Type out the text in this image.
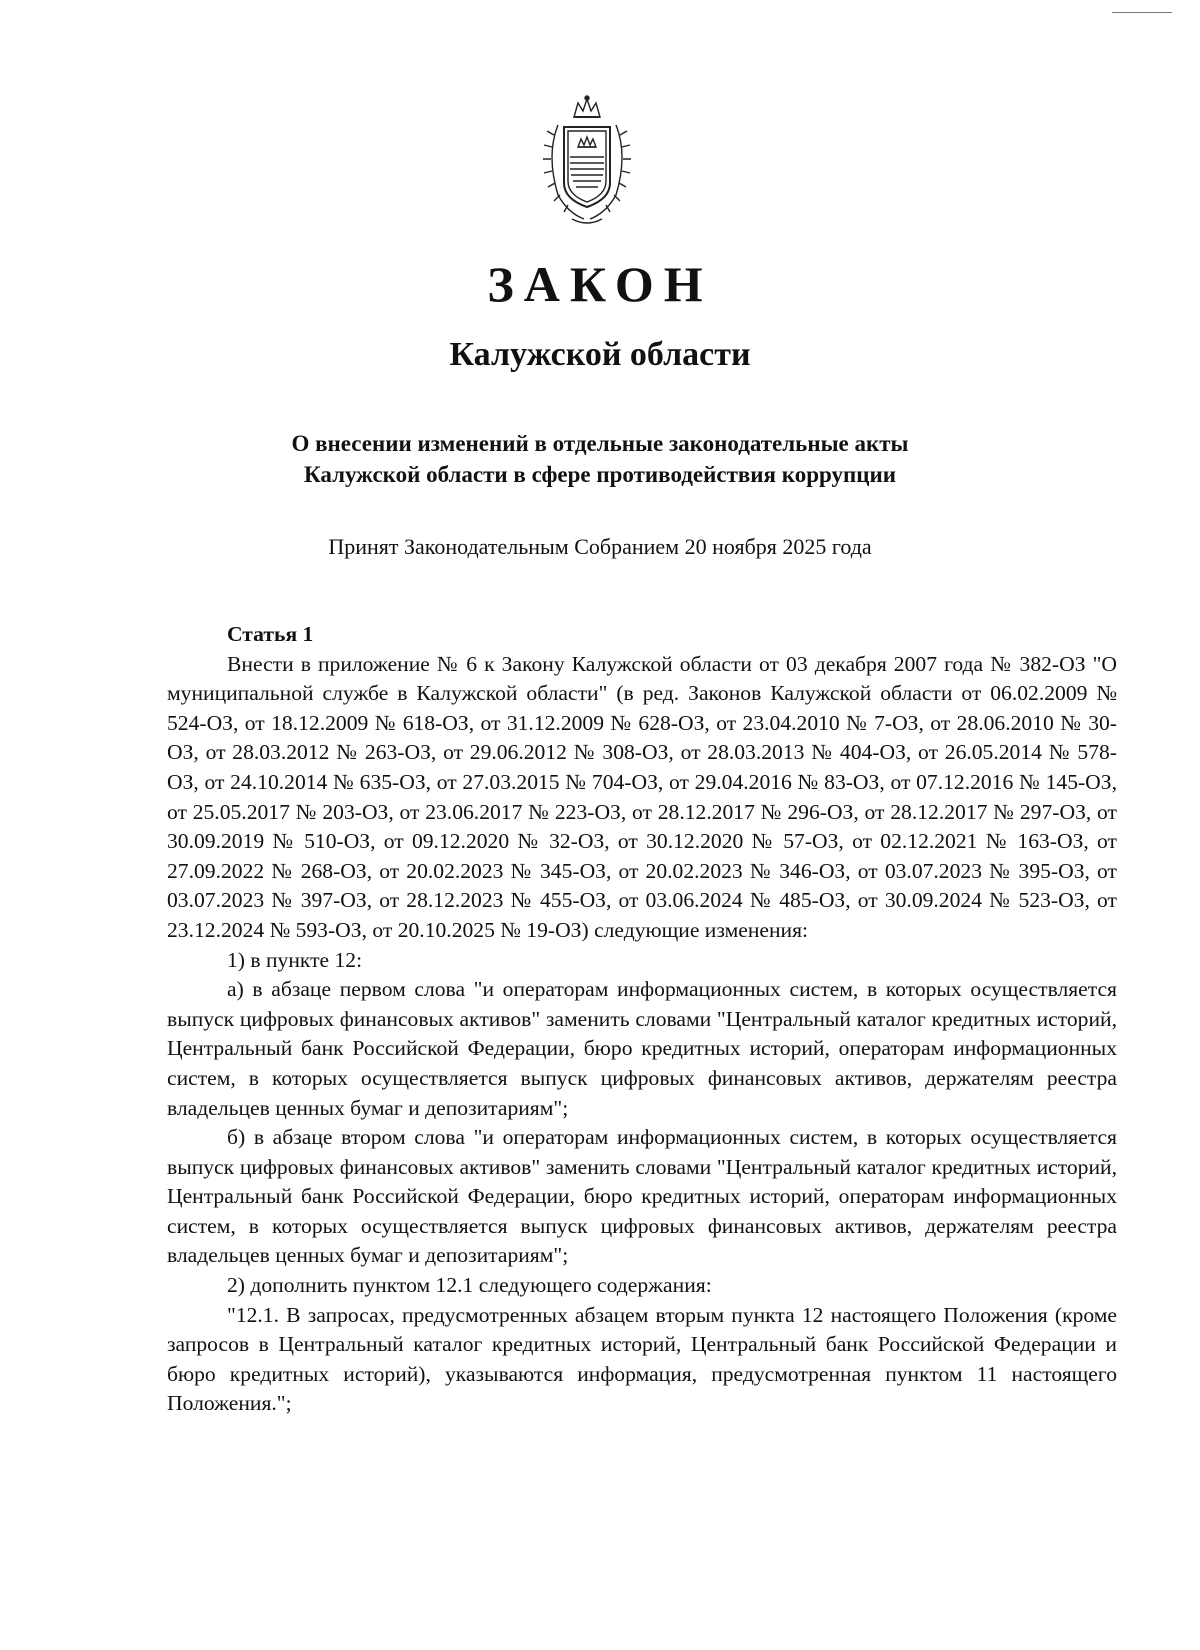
ЗАКОН
Калужской области
О внесении изменений в отдельные законодательные акты
Калужской области в сфере противодействия коррупции

Принят Законодательным Собранием 20 ноября 2025 года

Статья 1

Внести в приложение № 6 к Закону Калужской области от 03 декабря 2007 года № 382-ОЗ "О муниципальной службе в Калужской области" (в ред. Законов Калужской области от 06.02.2009 № 524-ОЗ, от 18.12.2009 № 618-ОЗ, от 31.12.2009 № 628-ОЗ, от 23.04.2010 № 7-ОЗ, от 28.06.2010 № 30-ОЗ, от 28.03.2012 № 263-ОЗ, от 29.06.2012 № 308-ОЗ, от 28.03.2013 № 404-ОЗ, от 26.05.2014 № 578-ОЗ, от 24.10.2014 № 635-ОЗ, от 27.03.2015 № 704-ОЗ, от 29.04.2016 № 83-ОЗ, от 07.12.2016 № 145-ОЗ, от 25.05.2017 № 203-ОЗ, от 23.06.2017 № 223-ОЗ, от 28.12.2017 № 296-ОЗ, от 28.12.2017 № 297-ОЗ, от 30.09.2019 № 510-ОЗ, от 09.12.2020 № 32-ОЗ, от 30.12.2020 № 57-ОЗ, от 02.12.2021 № 163-ОЗ, от 27.09.2022 № 268-ОЗ, от 20.02.2023 № 345-ОЗ, от 20.02.2023 № 346-ОЗ, от 03.07.2023 № 395-ОЗ, от 03.07.2023 № 397-ОЗ, от 28.12.2023 № 455-ОЗ, от 03.06.2024 № 485-ОЗ, от 30.09.2024 № 523-ОЗ, от 23.12.2024 № 593-ОЗ, от 20.10.2025 № 19-ОЗ) следующие изменения:

1) в пункте 12:

а) в абзаце первом слова "и операторам информационных систем, в которых осуществляется выпуск цифровых финансовых активов" заменить словами "Центральный каталог кредитных историй, Центральный банк Российской Федерации, бюро кредитных историй, операторам информационных систем, в которых осуществляется выпуск цифровых финансовых активов, держателям реестра владельцев ценных бумаг и депозитариям";

б) в абзаце втором слова "и операторам информационных систем, в которых осуществляется выпуск цифровых финансовых активов" заменить словами "Центральный каталог кредитных историй, Центральный банк Российской Федерации, бюро кредитных историй, операторам информационных систем, в которых осуществляется выпуск цифровых финансовых активов, держателям реестра владельцев ценных бумаг и депозитариям";

2) дополнить пунктом 12.1 следующего содержания:

"12.1. В запросах, предусмотренных абзацем вторым пункта 12 настоящего Положения (кроме запросов в Центральный каталог кредитных историй, Центральный банк Российской Федерации и бюро кредитных историй), указываются информация, предусмотренная пунктом 11 настоящего Положения.";
